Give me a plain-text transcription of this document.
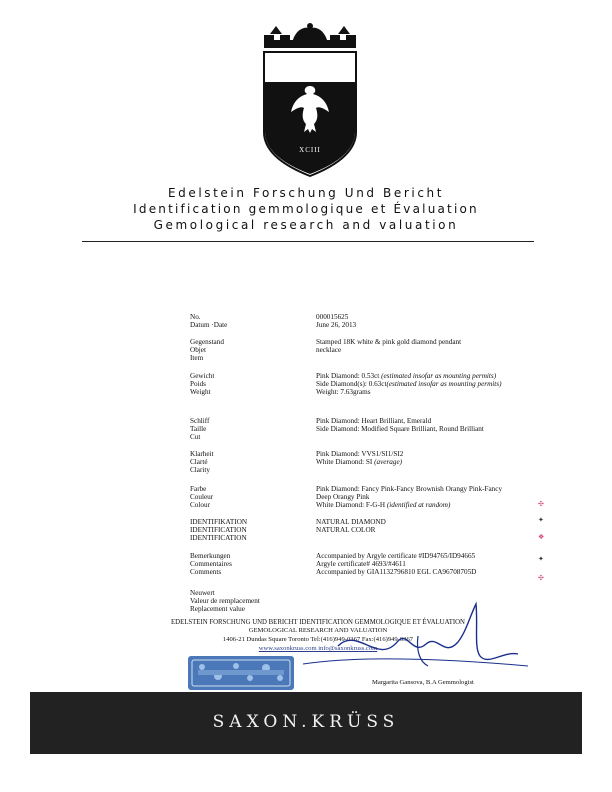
XCIII
Edelstein Forschung Und Bericht
Identification gemmologique et Évaluation
Gemological research and valuation
No.
Datum ·Date
000015625
June 26, 2013
Gegenstand
Objet
Item
Stamped 18K white & pink gold diamond pendant
necklace
Gewicht
Poids
Weight
Pink Diamond: 0.53ct (estimated insofar as mounting permits)
Side Diamond(s): 0.63ct(estimated insofar as mounting permits)
Weight: 7.63grams
Schliff
Taille
Cut
Pink Diamond: Heart Brilliant, Emerald
Side Diamond: Modified Square Brilliant, Round Brilliant
Klarheit
Clarté
Clarity
Pink Diamond: VVS1/SI1/SI2
White Diamond: SI (average)
Farbe
Couleur
Colour
Pink Diamond: Fancy Pink-Fancy Brownish Orangy Pink-Fancy
Deep Orangy Pink
White Diamond: F-G-H (identified at random)
IDENTIFIKATION
IDENTIFICATION
IDENTIFICATION
NATURAL DIAMOND
NATURAL COLOR
Bemerkungen
Commentaires
Comments
Accompanied by Argyle certificate #ID94765/ID94665
Argyle certificate# 4693/#4611
Accompanied by GIA1132796810 EGL CA96708705D
Neuwert
Valeur de remplacement
Replacement value
✣
✦
❖
✦
✣
EDELSTEIN FORSCHUNG UND BERICHT IDENTIFICATION GEMMOLOGIQUE ET ÉVALUATION
GEMOLOGICAL RESEARCH AND VALUATION
1406-21 Dundas Square Toronto Tel:(416)949-0367 Fax:(416)949-0367
www.saxonkruss.com info@saxonkruss.com
Margarita Gansova, B.A Gemmologist
SAXON.KRÜSS
